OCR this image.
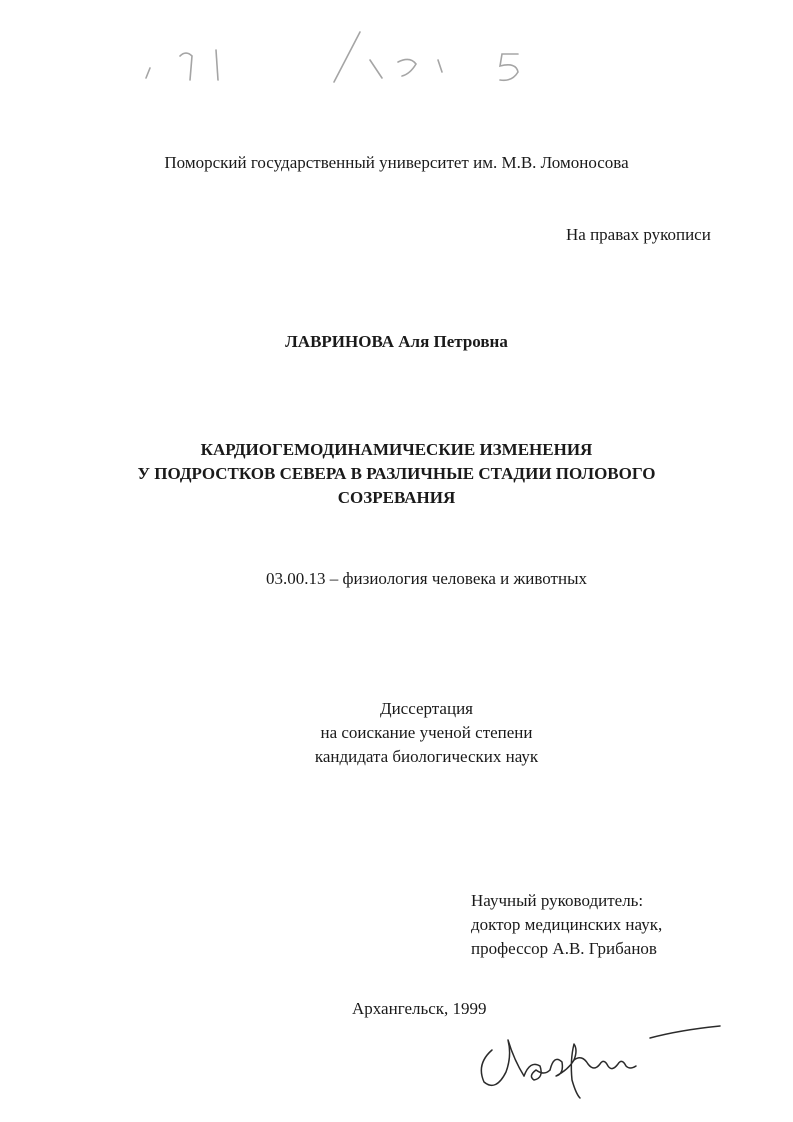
Поморский государственный университет им. М.В. Ломоносова
На правах рукописи
ЛАВРИНОВА Аля Петровна
КАРДИОГЕМОДИНАМИЧЕСКИЕ ИЗМЕНЕНИЯ
У ПОДРОСТКОВ СЕВЕРА В РАЗЛИЧНЫЕ СТАДИИ ПОЛОВОГО
СОЗРЕВАНИЯ
03.00.13 – физиология человека и животных
Диссертация
на соискание ученой степени
кандидата биологических наук
Научный руководитель:
доктор медицинских наук,
профессор А.В. Грибанов
Архангельск, 1999
